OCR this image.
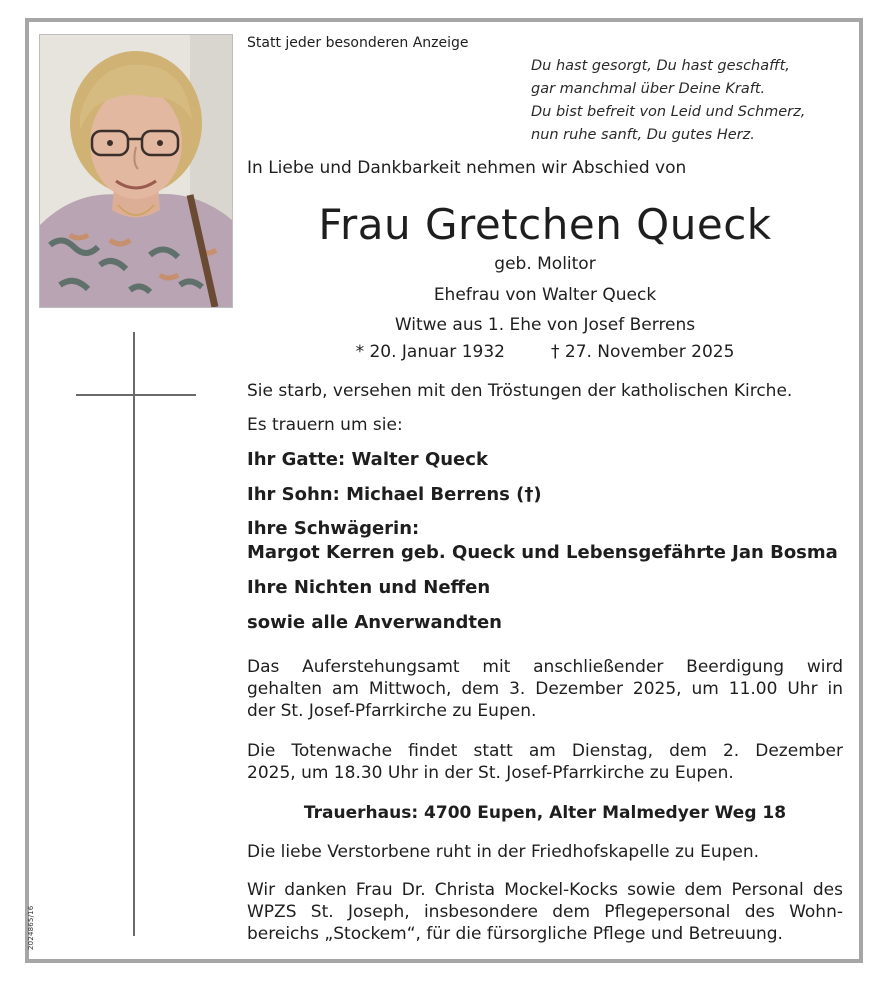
2024865/16
Statt jeder besonderen Anzeige
Du hast gesorgt, Du hast geschafft,
gar manchmal über Deine Kraft.
Du bist befreit von Leid und Schmerz,
nun ruhe sanft, Du gutes Herz.
In Liebe und Dankbarkeit nehmen wir Abschied von
Frau Gretchen Queck
geb. Molitor
Ehefrau von Walter Queck
Witwe aus 1. Ehe von Josef Berrens
* 20. Januar 1932	† 27. November 2025
Sie starb, versehen mit den Tröstungen der katholischen Kirche.
Es trauern um sie:
Ihr Gatte: Walter Queck
Ihr Sohn: Michael Berrens (†)
Ihre Schwägerin:
Margot Kerren geb. Queck und Lebensgefährte Jan Bosma
Ihre Nichten und Neffen
sowie alle Anverwandten
Das Auferstehungsamt mit anschließender Beerdigung wird
gehalten am Mittwoch, dem 3. Dezember 2025, um 11.00 Uhr in
der St. Josef-Pfarrkirche zu Eupen.
Die Totenwache findet statt am Dienstag, dem 2. Dezember
2025, um 18.30 Uhr in der St. Josef-Pfarrkirche zu Eupen.
Trauerhaus: 4700 Eupen, Alter Malmedyer Weg 18
Die liebe Verstorbene ruht in der Friedhofskapelle zu Eupen.
Wir danken Frau Dr. Christa Mockel-Kocks sowie dem Personal des
WPZS St. Joseph, insbesondere dem Pflegepersonal des Wohn-
bereichs „Stockem“, für die fürsorgliche Pflege und Betreuung.
